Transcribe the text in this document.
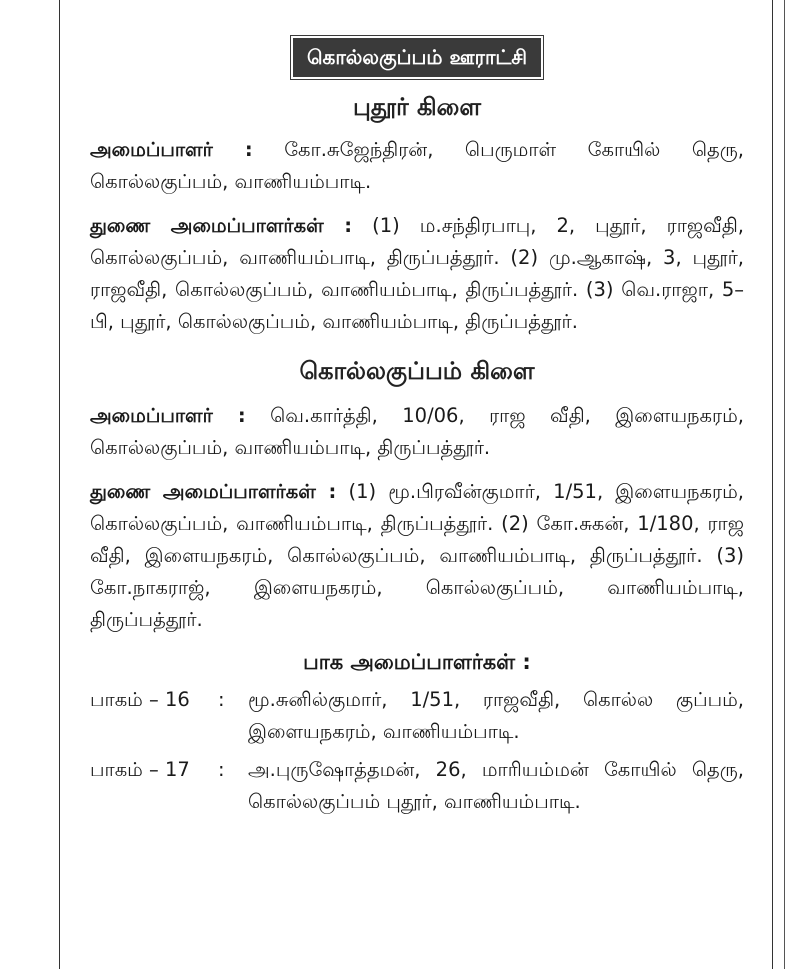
கொல்லகுப்பம் ஊராட்சி
புதூர் கிளை

அமைப்பாளர் : கோ.சுஜேந்திரன், பெருமாள் கோயில் தெரு, கொல்லகுப்பம், வாணியம்பாடி.

துணை அமைப்பாளர்கள் : (1) ம.சந்திரபாபு, 2, புதூர், ராஜவீதி, கொல்லகுப்பம், வாணியம்பாடி, திருப்பத்தூர். (2) மு.ஆகாஷ், 3, புதூர், ராஜவீதி, கொல்லகுப்பம், வாணியம்பாடி, திருப்பத்தூர். (3) வெ.ராஜா, 5–பி, புதூர், கொல்லகுப்பம், வாணியம்பாடி, திருப்பத்தூர்.

கொல்லகுப்பம் கிளை

அமைப்பாளர் : வெ.கார்த்தி, 10/06, ராஜ வீதி, இளையநகரம், கொல்லகுப்பம், வாணியம்பாடி, திருப்பத்தூர்.

துணை அமைப்பாளர்கள் : (1) மூ.பிரவீன்குமார், 1/51, இளையநகரம், கொல்லகுப்பம், வாணியம்பாடி, திருப்பத்தூர். (2) கோ.சுகன், 1/180, ராஜ வீதி, இளையநகரம், கொல்லகுப்பம், வாணியம்பாடி, திருப்பத்தூர். (3) கோ.நாகராஜ், இளையநகரம், கொல்லகுப்பம், வாணியம்பாடி, திருப்பத்தூர்.

பாக அமைப்பாளர்கள் :
பாகம் – 16	:	மூ.சுனில்குமார், 1/51, ராஜவீதி, கொல்ல குப்பம், இளையநகரம், வாணியம்பாடி.
பாகம் – 17	:	அ.புருஷோத்தமன், 26, மாரியம்மன் கோயில் தெரு, கொல்லகுப்பம் புதூர், வாணியம்பாடி.
